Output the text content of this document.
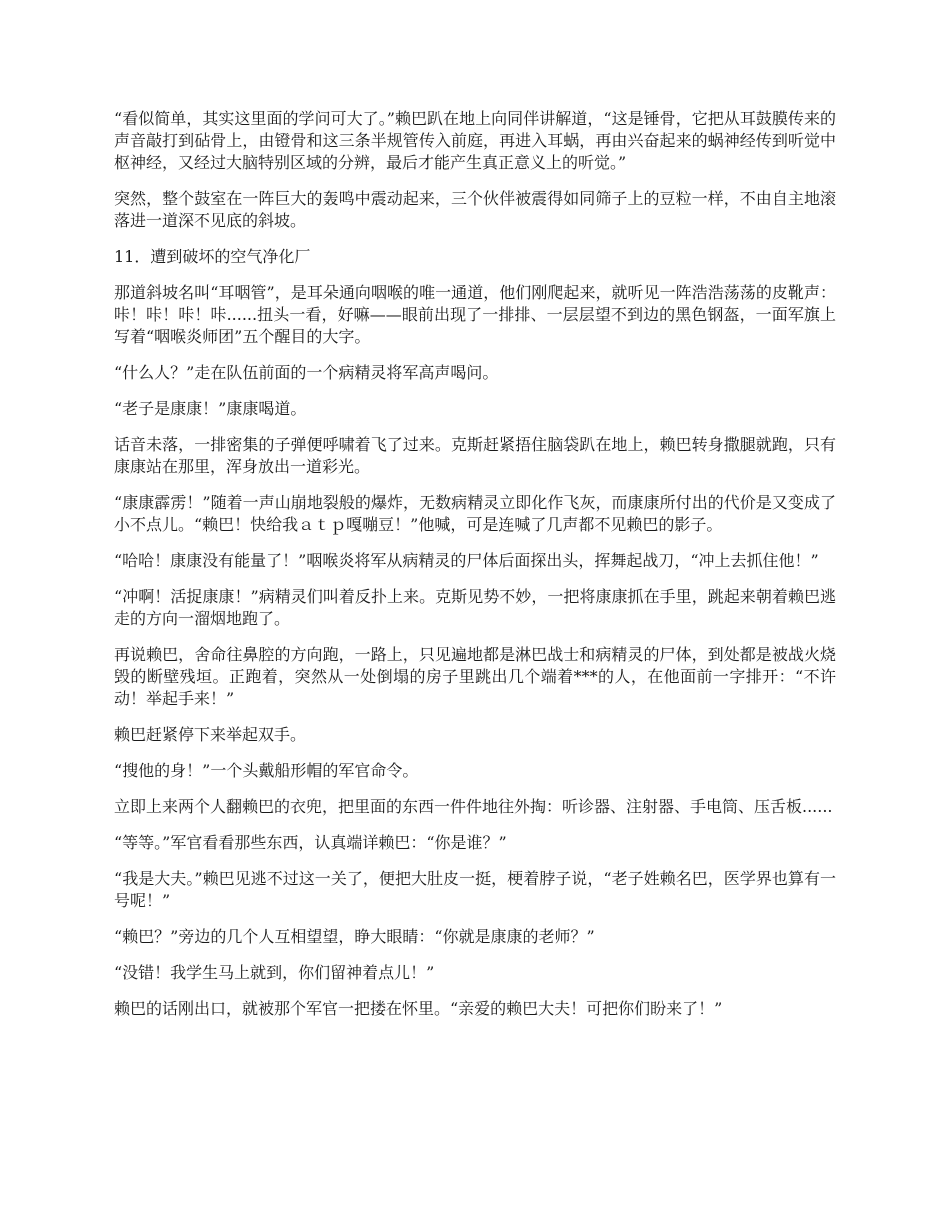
“看似简单，其实这里面的学问可大了。”赖巴趴在地上向同伴讲解道，“这是锤骨，它把从耳鼓膜传来的声音敲打到砧骨上，由镫骨和这三条半规管传入前庭，再进入耳蜗，再由兴奋起来的蜗神经传到听觉中枢神经，又经过大脑特别区域的分辨，最后才能产生真正意义上的听觉。”

突然，整个鼓室在一阵巨大的轰鸣中震动起来，三个伙伴被震得如同筛子上的豆粒一样，不由自主地滚落进一道深不见底的斜坡。

11．遭到破坏的空气净化厂

那道斜坡名叫“耳咽管”，是耳朵通向咽喉的唯一通道，他们刚爬起来，就听见一阵浩浩荡荡的皮靴声：咔！咔！咔！咔......扭头一看，好嘛——眼前出现了一排排、一层层望不到边的黑色钢盔，一面军旗上写着“咽喉炎师团”五个醒目的大字。

“什么人？”走在队伍前面的一个病精灵将军高声喝问。

“老子是康康！”康康喝道。

话音未落，一排密集的子弹便呼啸着飞了过来。克斯赶紧捂住脑袋趴在地上，赖巴转身撒腿就跑，只有康康站在那里，浑身放出一道彩光。

“康康霹雳！”随着一声山崩地裂般的爆炸，无数病精灵立即化作飞灰，而康康所付出的代价是又变成了小不点儿。“赖巴！快给我ａｔｐ嘎嘣豆！”他喊，可是连喊了几声都不见赖巴的影子。

“哈哈！康康没有能量了！”咽喉炎将军从病精灵的尸体后面探出头，挥舞起战刀，“冲上去抓住他！”

“冲啊！活捉康康！”病精灵们叫着反扑上来。克斯见势不妙，一把将康康抓在手里，跳起来朝着赖巴逃走的方向一溜烟地跑了。

再说赖巴，舍命往鼻腔的方向跑，一路上，只见遍地都是淋巴战士和病精灵的尸体，到处都是被战火烧毁的断壁残垣。正跑着，突然从一处倒塌的房子里跳出几个端着***的人，在他面前一字排开：“不许动！举起手来！”

赖巴赶紧停下来举起双手。

“搜他的身！”一个头戴船形帽的军官命令。

立即上来两个人翻赖巴的衣兜，把里面的东西一件件地往外掏：听诊器、注射器、手电筒、压舌板......

“等等。”军官看看那些东西，认真端详赖巴：“你是谁？”

“我是大夫。”赖巴见逃不过这一关了，便把大肚皮一挺，梗着脖子说，“老子姓赖名巴，医学界也算有一号呢！”

“赖巴？”旁边的几个人互相望望，睁大眼睛：“你就是康康的老师？”

“没错！我学生马上就到，你们留神着点儿！”

赖巴的话刚出口，就被那个军官一把搂在怀里。“亲爱的赖巴大夫！可把你们盼来了！”
